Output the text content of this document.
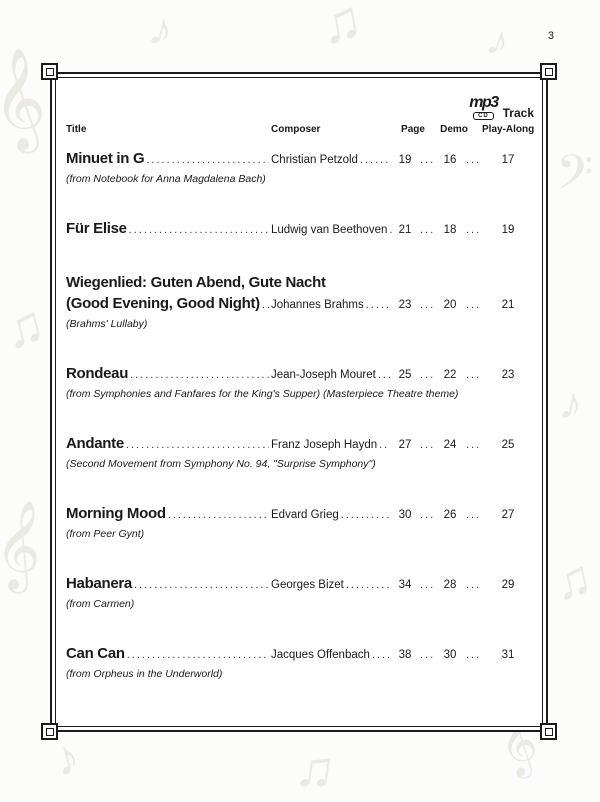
𝄞
♪
♫
♪
𝄢
♫
♪
𝄞
♫
♪
♫
𝄞
3
mp3
CD	Track
Title	Composer	Page Demo Play-Along
Minuet in G .....	Christian Petzold .....	19 .....	16 .....	17
(from Notebook for Anna Magdalena Bach)
Für Elise .....	Ludwig van Beethoven ..... 21 .....	18 .....	19
Wiegenlied: Guten Abend, Gute Nacht
(Good Evening, Good Night) ..... Johannes Brahms .....	23 .....	20 .....	21
(Brahms' Lullaby)
Rondeau .....	Jean-Joseph Mouret .....	25 .....	22 .....	23
(from Symphonies and Fanfares for the King's Supper) (Masterpiece Theatre theme)
Andante .....	Franz Joseph Haydn .....	27 .....	24 .....	25
(Second Movement from Symphony No. 94, "Surprise Symphony")
Morning Mood .....	Edvard Grieg .....	30 .....	26 .....	27
(from Peer Gynt)
Habanera .....	Georges Bizet .....	34 .....	28 .....	29
(from Carmen)
Can Can .....	Jacques Offenbach .....	38 .....	30 .....	31
(from Orpheus in the Underworld)
